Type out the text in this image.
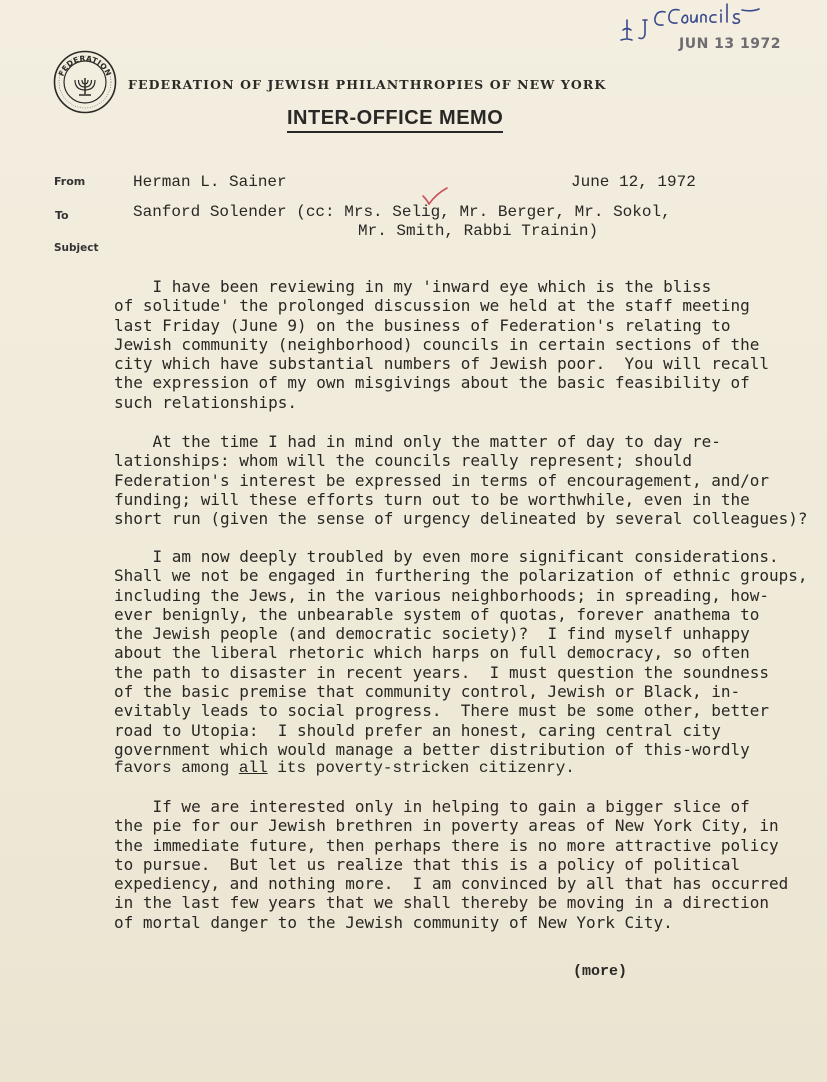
FEDERATION
FEDERATION OF JEWISH PHILANTHROPIES OF NEW YORK
INTER-OFFICE MEMO
JUN 13 1972
From
To
Subject
Herman L. Sainer	June 12, 1972
Sanford Solender (cc: Mrs. Selig, Mr. Berger, Mr. Sokol,
Mr. Smith, Rabbi Trainin)
I have been reviewing in my 'inward eye which is the bliss
of solitude' the prolonged discussion we held at the staff meeting
last Friday (June 9) on the business of Federation's relating to
Jewish community (neighborhood) councils in certain sections of the
city which have substantial numbers of Jewish poor.  You will recall
the expression of my own misgivings about the basic feasibility of
such relationships.
At the time I had in mind only the matter of day to day re-
lationships: whom will the councils really represent; should
Federation's interest be expressed in terms of encouragement, and/or
funding; will these efforts turn out to be worthwhile, even in the
short run (given the sense of urgency delineated by several colleagues)?
I am now deeply troubled by even more significant considerations.
Shall we not be engaged in furthering the polarization of ethnic groups,
including the Jews, in the various neighborhoods; in spreading, how-
ever benignly, the unbearable system of quotas, forever anathema to
the Jewish people (and democratic society)?  I find myself unhappy
about the liberal rhetoric which harps on full democracy, so often
the path to disaster in recent years.  I must question the soundness
of the basic premise that community control, Jewish or Black, in-
evitably leads to social progress.  There must be some other, better
road to Utopia:  I should prefer an honest, caring central city
government which would manage a better distribution of this-wordly
favors among all its poverty-stricken citizenry.
If we are interested only in helping to gain a bigger slice of
the pie for our Jewish brethren in poverty areas of New York City, in
the immediate future, then perhaps there is no more attractive policy
to pursue.  But let us realize that this is a policy of political
expediency, and nothing more.  I am convinced by all that has occurred
in the last few years that we shall thereby be moving in a direction
of mortal danger to the Jewish community of New York City.
(more)
